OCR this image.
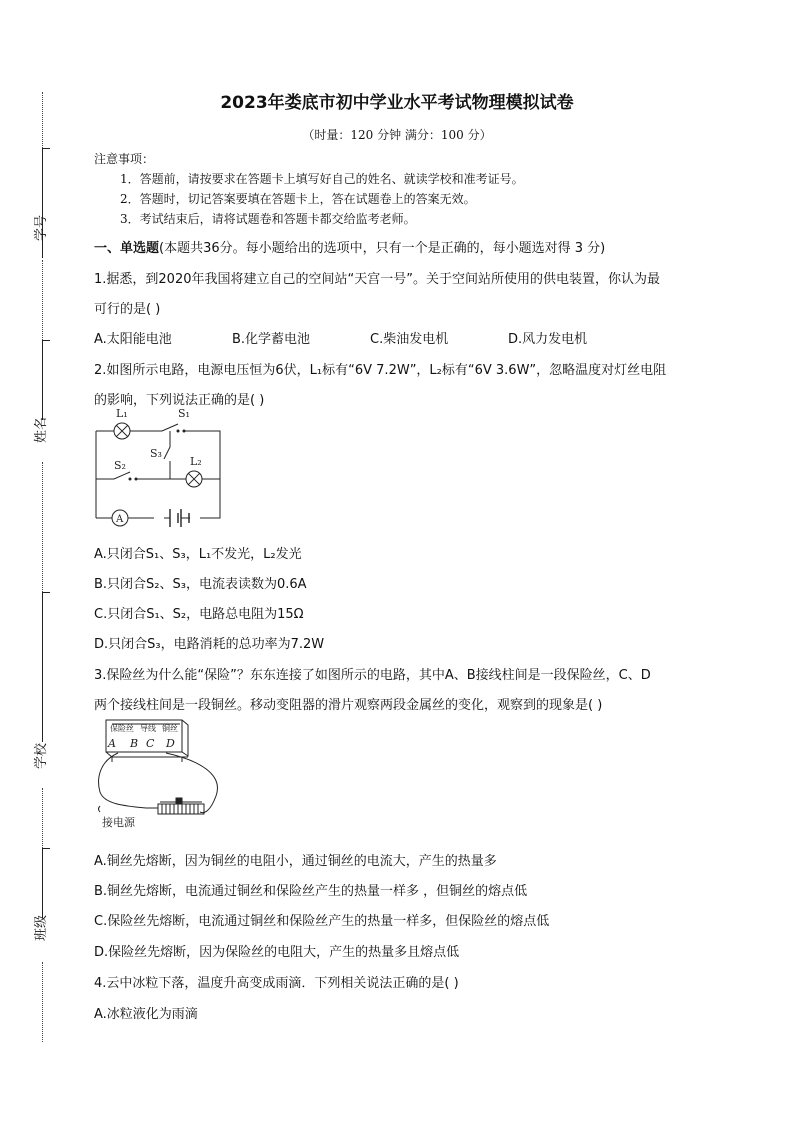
学号
姓名
学校
班级
2023年娄底市初中学业水平考试物理模拟试卷
（时量：120 分钟 满分：100 分）
注意事项：
1．答题前，请按要求在答题卡上填写好自己的姓名、就读学校和准考证号。
2．答题时，切记答案要填在答题卡上，答在试题卷上的答案无效。
3．考试结束后，请将试题卷和答题卡都交给监考老师。
一、单选题(本题共36分。每小题给出的选项中，只有一个是正确的，每小题选对得 3 分)
1.据悉，到2020年我国将建立自己的空间站“天宫一号”。关于空间站所使用的供电装置，你认为最
可行的是( )
A.太阳能电池	B.化学蓄电池	C.柴油发电机	D.风力发电机
2.如图所示电路，电源电压恒为6伏，L₁标有“6V 7.2W”，L₂标有“6V 3.6W”，忽略温度对灯丝电阻
的影响，下列说法正确的是( )
L₁	S₁
S₃
L₂
S₂
A
A.只闭合S₁、S₃，L₁不发光，L₂发光
B.只闭合S₂、S₃，电流表读数为0.6A
C.只闭合S₁、S₂，电路总电阻为15Ω
D.只闭合S₃，电路消耗的总功率为7.2W
3.保险丝为什么能“保险”？东东连接了如图所示的电路，其中A、B接线柱间是一段保险丝，C、D
两个接线柱间是一段铜丝。移动变阻器的滑片观察两段金属丝的变化，观察到的现象是( )
保险丝 导线 铜丝
A B C D
接电源
A.铜丝先熔断，因为铜丝的电阻小，通过铜丝的电流大，产生的热量多
B.铜丝先熔断，电流通过铜丝和保险丝产生的热量一样多 ，但铜丝的熔点低
C.保险丝先熔断，电流通过铜丝和保险丝产生的热量一样多，但保险丝的熔点低
D.保险丝先熔断，因为保险丝的电阻大，产生的热量多且熔点低
4.云中冰粒下落，温度升高变成雨滴．下列相关说法正确的是( )
A.冰粒液化为雨滴
